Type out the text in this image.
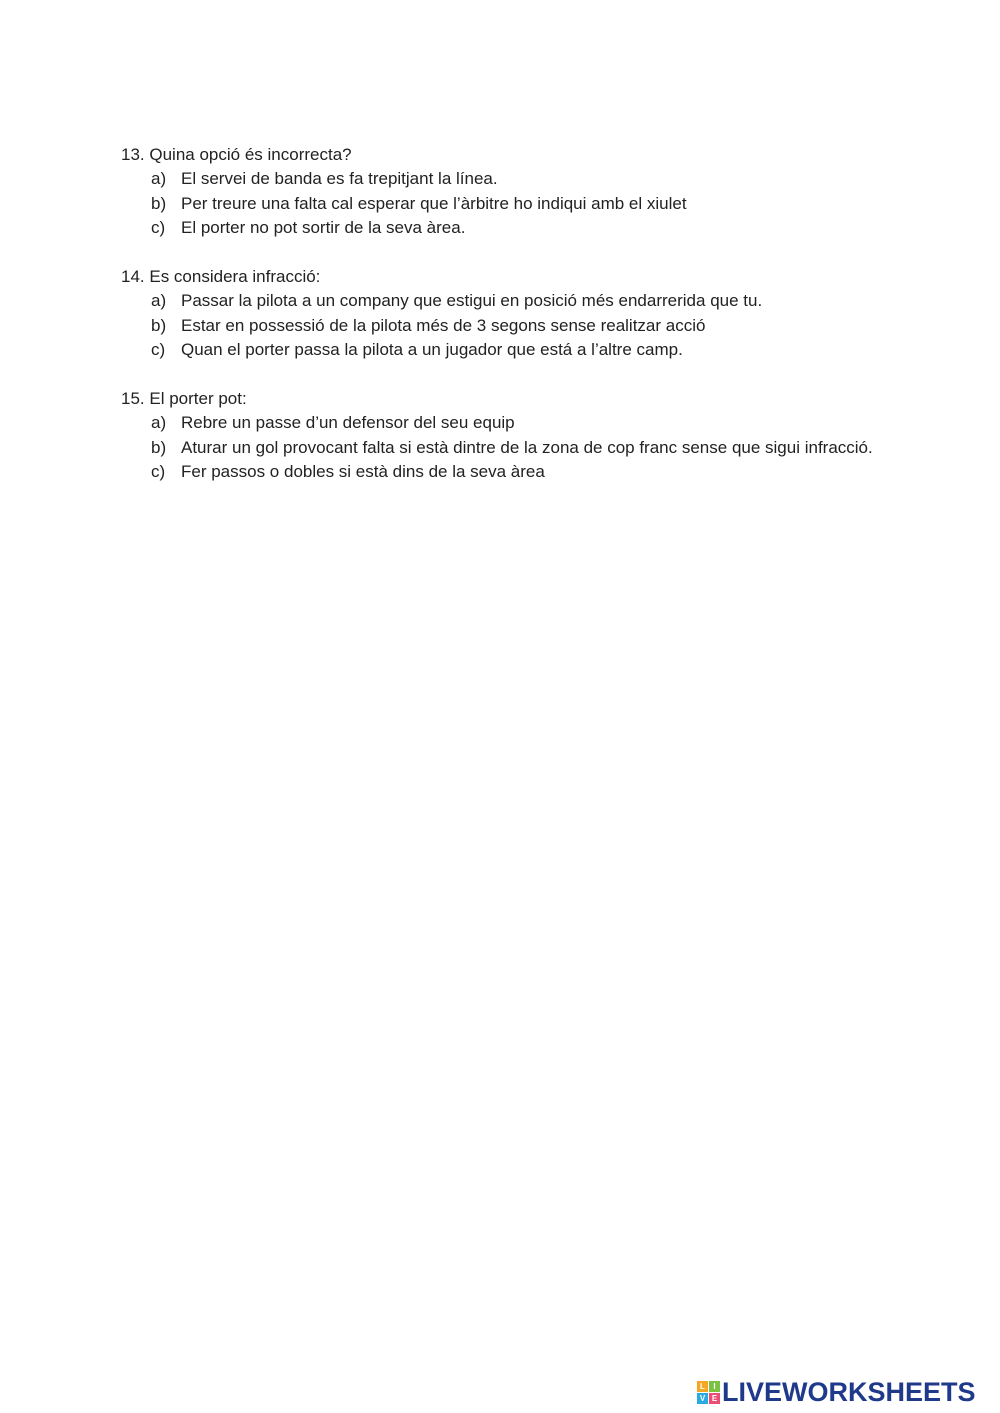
13. Quina opció és incorrecta?

a) El servei de banda es fa trepitjant la línea.
b) Per treure una falta cal esperar que l’àrbitre ho indiqui amb el xiulet
c) El porter no pot sortir de la seva àrea.

14. Es considera infracció:

a) Passar la pilota a un company que estigui en posició més endarrerida que tu.
b) Estar en possessió de la pilota més de 3 segons sense realitzar acció
c) Quan el porter passa la pilota a un jugador que está a l’altre camp.

15. El porter pot:

a) Rebre un passe d’un defensor del seu equip
b) Aturar un gol provocant falta si està dintre de la zona de cop franc sense que sigui infracció.
c) Fer passos o dobles si està dins de la seva àrea
L	I
V E LIVEWORKSHEETS
